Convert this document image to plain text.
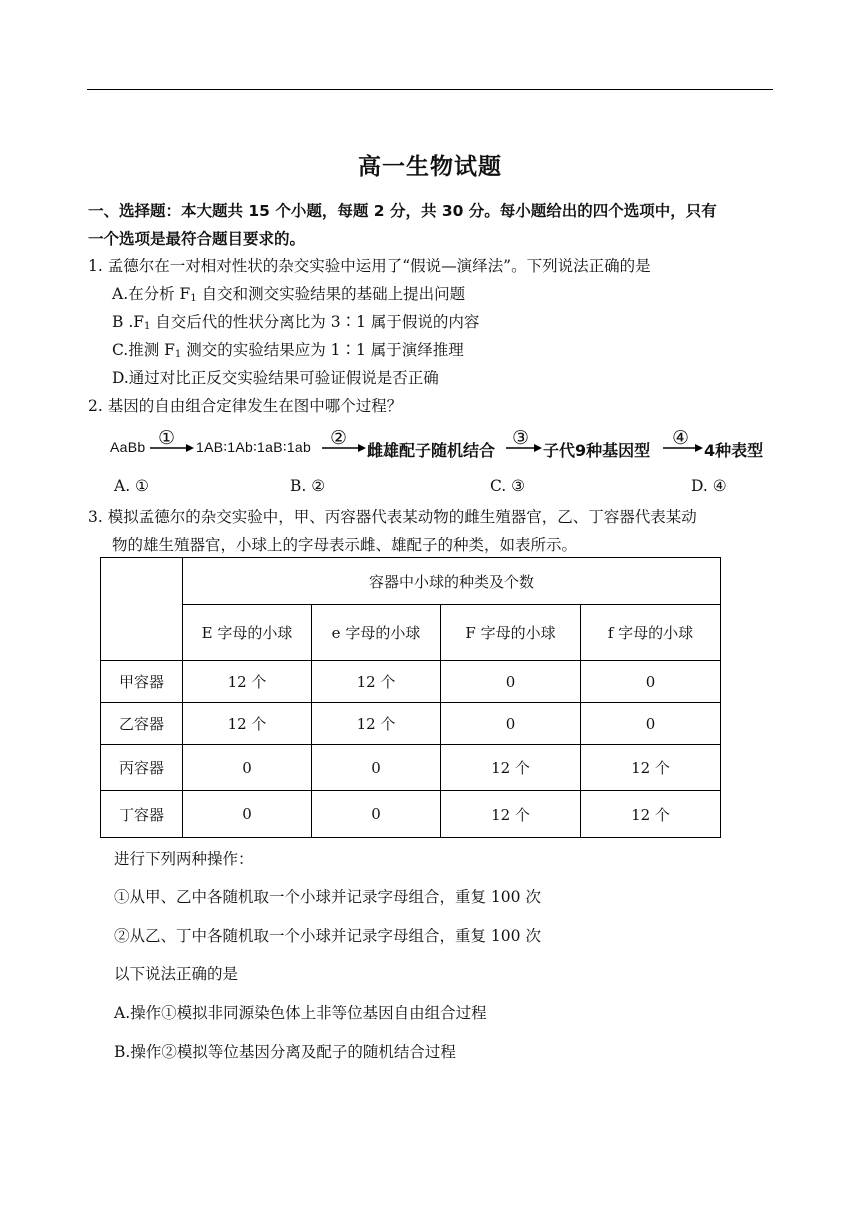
高一生物试题
一、选择题：本大题共 15 个小题，每题 2 分，共 30 分。每小题给出的四个选项中，只有
一个选项是最符合题目要求的。
1. 孟德尔在一对相对性状的杂交实验中运用了“假说—演绎法”。下列说法正确的是
A.在分析 $F_1$ 自交和测交实验结果的基础上提出问题
B $.F_1$ 自交后代的性状分离比为 3∶1 属于假说的内容
C.推测 $F_1$ 测交的实验结果应为 1∶1 属于演绎推理
D.通过对比正反交实验结果可验证假说是否正确
2. 基因的自由组合定律发生在图中哪个过程？
AaBb ① 1AB∶1Ab∶1aB∶1ab ②
雌雄配子随机结合
③
子代9种基因型
④
4种表型
A. ①	B. ②	C. ③	D. ④
3. 模拟孟德尔的杂交实验中，甲、丙容器代表某动物的雌生殖器官，乙、丁容器代表某动
物的雄生殖器官，小球上的字母表示雌、雄配子的种类，如表所示。
	容器中小球的种类及个数			
	E 字母的小球	e 字母的小球	F 字母的小球	f 字母的小球
甲容器	12 个	12 个	0	0
乙容器	12 个	12 个	0	0
丙容器	0	0	12 个	12 个
丁容器	0	0	12 个	12 个
进行下列两种操作：
①从甲、乙中各随机取一个小球并记录字母组合，重复 100 次
②从乙、丁中各随机取一个小球并记录字母组合，重复 100 次
以下说法正确的是
A.操作①模拟非同源染色体上非等位基因自由组合过程
B.操作②模拟等位基因分离及配子的随机结合过程
